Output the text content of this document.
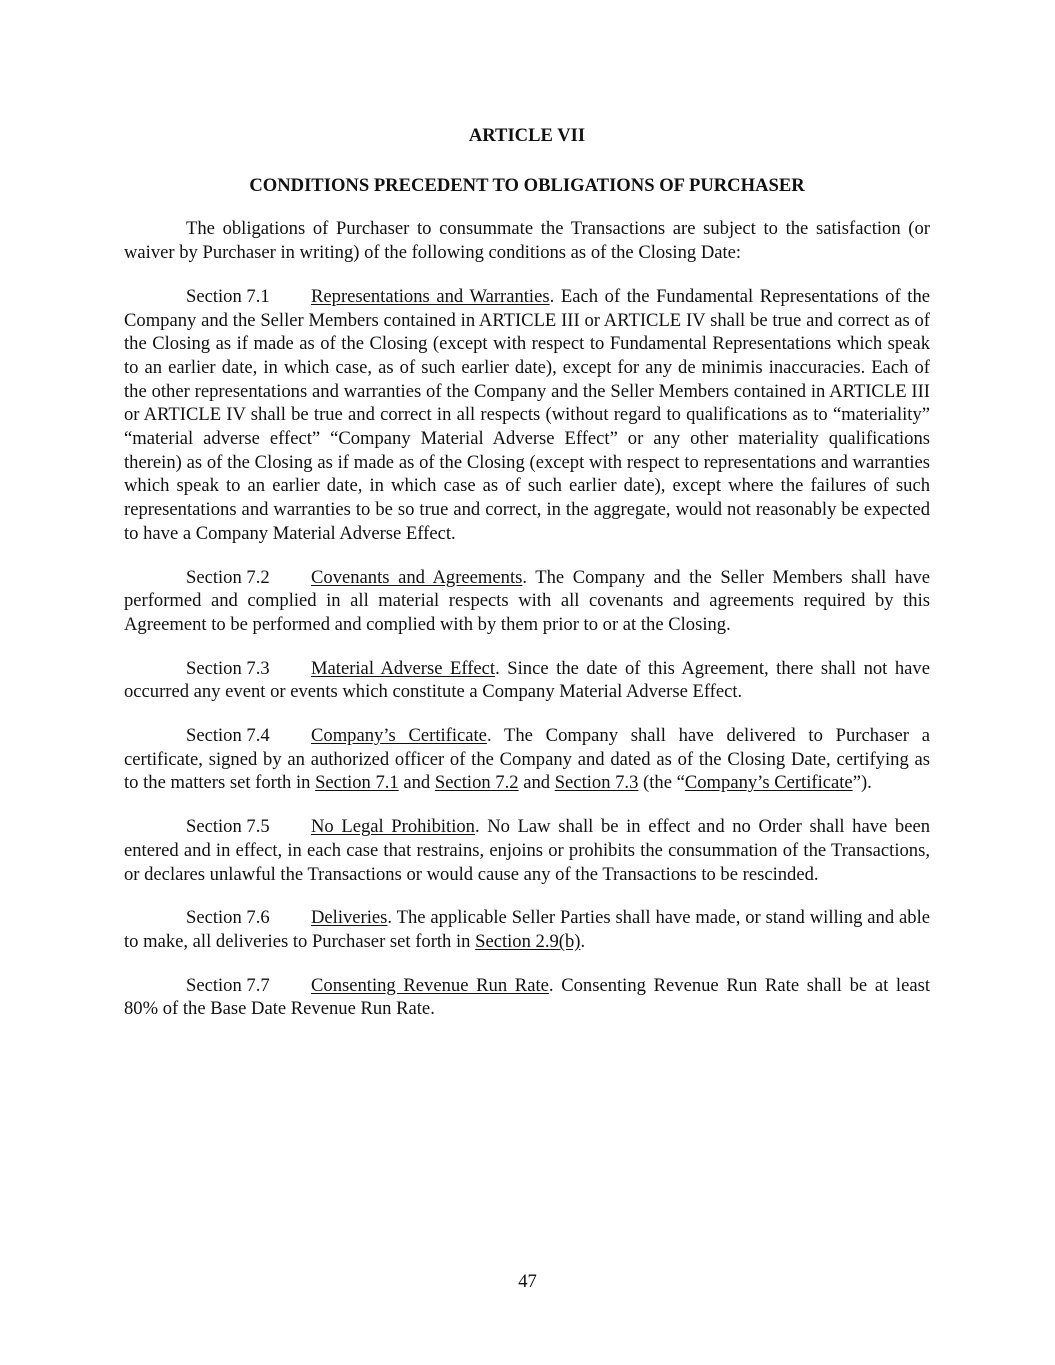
ARTICLE VII

CONDITIONS PRECEDENT TO OBLIGATIONS OF PURCHASER

The obligations of Purchaser to consummate the Transactions are subject to the satisfaction (or waiver by Purchaser in writing) of the following conditions as of the Closing Date:

Section 7.1 Representations and Warranties. Each of the Fundamental Representations of the Company and the Seller Members contained in ARTICLE III or ARTICLE IV shall be true and correct as of the Closing as if made as of the Closing (except with respect to Fundamental Representations which speak to an earlier date, in which case, as of such earlier date), except for any de minimis inaccuracies. Each of the other representations and warranties of the Company and the Seller Members contained in ARTICLE III or ARTICLE IV shall be true and correct in all respects (without regard to qualifications as to “materiality” “material adverse effect” “Company Material Adverse Effect” or any other materiality qualifications therein) as of the Closing as if made as of the Closing (except with respect to representations and warranties which speak to an earlier date, in which case as of such earlier date), except where the failures of such representations and warranties to be so true and correct, in the aggregate, would not reasonably be expected to have a Company Material Adverse Effect.

Section 7.2 Covenants and Agreements. The Company and the Seller Members shall have performed and complied in all material respects with all covenants and agreements required by this Agreement to be performed and complied with by them prior to or at the Closing.

Section 7.3 Material Adverse Effect. Since the date of this Agreement, there shall not have occurred any event or events which constitute a Company Material Adverse Effect.

Section 7.4 Company’s Certificate. The Company shall have delivered to Purchaser a certificate, signed by an authorized officer of the Company and dated as of the Closing Date, certifying as to the matters set forth in Section 7.1 and Section 7.2 and Section 7.3 (the “Company’s Certificate”).

Section 7.5 No Legal Prohibition. No Law shall be in effect and no Order shall have been entered and in effect, in each case that restrains, enjoins or prohibits the consummation of the Transactions, or declares unlawful the Transactions or would cause any of the Transactions to be rescinded.

Section 7.6 Deliveries. The applicable Seller Parties shall have made, or stand willing and able to make, all deliveries to Purchaser set forth in Section 2.9(b).

Section 7.7 Consenting Revenue Run Rate. Consenting Revenue Run Rate shall be at least 80% of the Base Date Revenue Run Rate.

47
